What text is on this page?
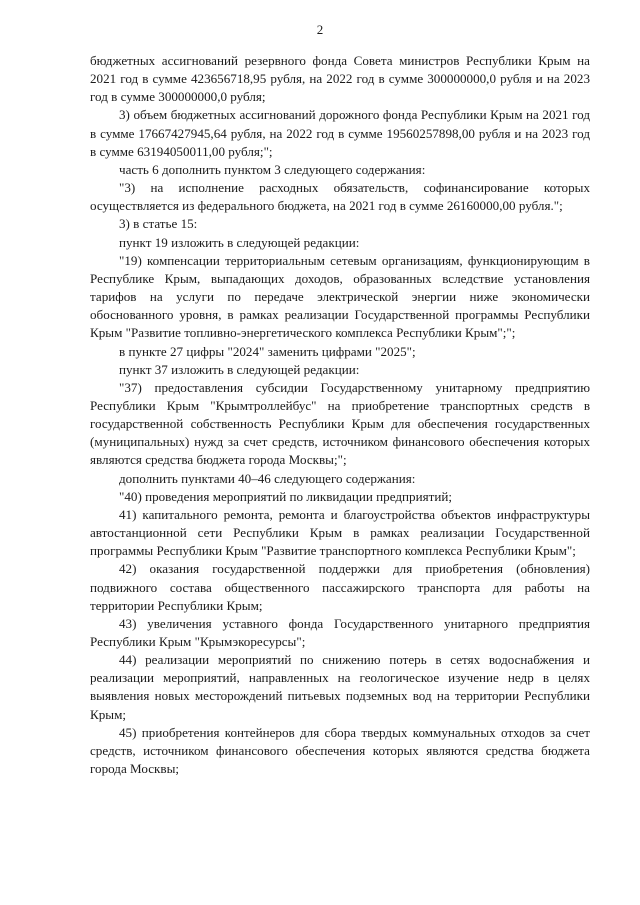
2

бюджетных ассигнований резервного фонда Совета министров Республики Крым на 2021 год в сумме 423656718,95 рубля, на 2022 год в сумме 300000000,0 рубля и на 2023 год в сумме 300000000,0 рубля;

3) объем бюджетных ассигнований дорожного фонда Республики Крым на 2021 год в сумме 17667427945,64 рубля, на 2022 год в сумме 19560257898,00 рубля и на 2023 год в сумме 63194050011,00 рубля;";

часть 6 дополнить пунктом 3 следующего содержания:

"3) на исполнение расходных обязательств, софинансирование которых осуществляется из федерального бюджета, на 2021 год в сумме 26160000,00 рубля.";

3) в статье 15:

пункт 19 изложить в следующей редакции:

"19) компенсации территориальным сетевым организациям, функционирующим в Республике Крым, выпадающих доходов, образованных вследствие установления тарифов на услуги по передаче электрической энергии ниже экономически обоснованного уровня, в рамках реализации Государственной программы Республики Крым "Развитие топливно-энергетического комплекса Республики Крым";";

в пункте 27 цифры "2024" заменить цифрами "2025";

пункт 37 изложить в следующей редакции:

"37) предоставления субсидии Государственному унитарному предприятию Республики Крым "Крымтроллейбус" на приобретение транспортных средств в государственной собственность Республики Крым для обеспечения государственных (муниципальных) нужд за счет средств, источником финансового обеспечения которых являются средства бюджета города Москвы;";

дополнить пунктами 40–46 следующего содержания:

"40) проведения мероприятий по ликвидации предприятий;

41) капитального ремонта, ремонта и благоустройства объектов инфраструктуры автостанционной сети Республики Крым в рамках реализации Государственной программы Республики Крым "Развитие транспортного комплекса Республики Крым";

42) оказания государственной поддержки для приобретения (обновления) подвижного состава общественного пассажирского транспорта для работы на территории Республики Крым;

43) увеличения уставного фонда Государственного унитарного предприятия Республики Крым "Крымэкоресурсы";

44) реализации мероприятий по снижению потерь в сетях водоснабжения и реализации мероприятий, направленных на геологическое изучение недр в целях выявления новых месторождений питьевых подземных вод на территории Республики Крым;

45) приобретения контейнеров для сбора твердых коммунальных отходов за счет средств, источником финансового обеспечения которых являются средства бюджета города Москвы;
